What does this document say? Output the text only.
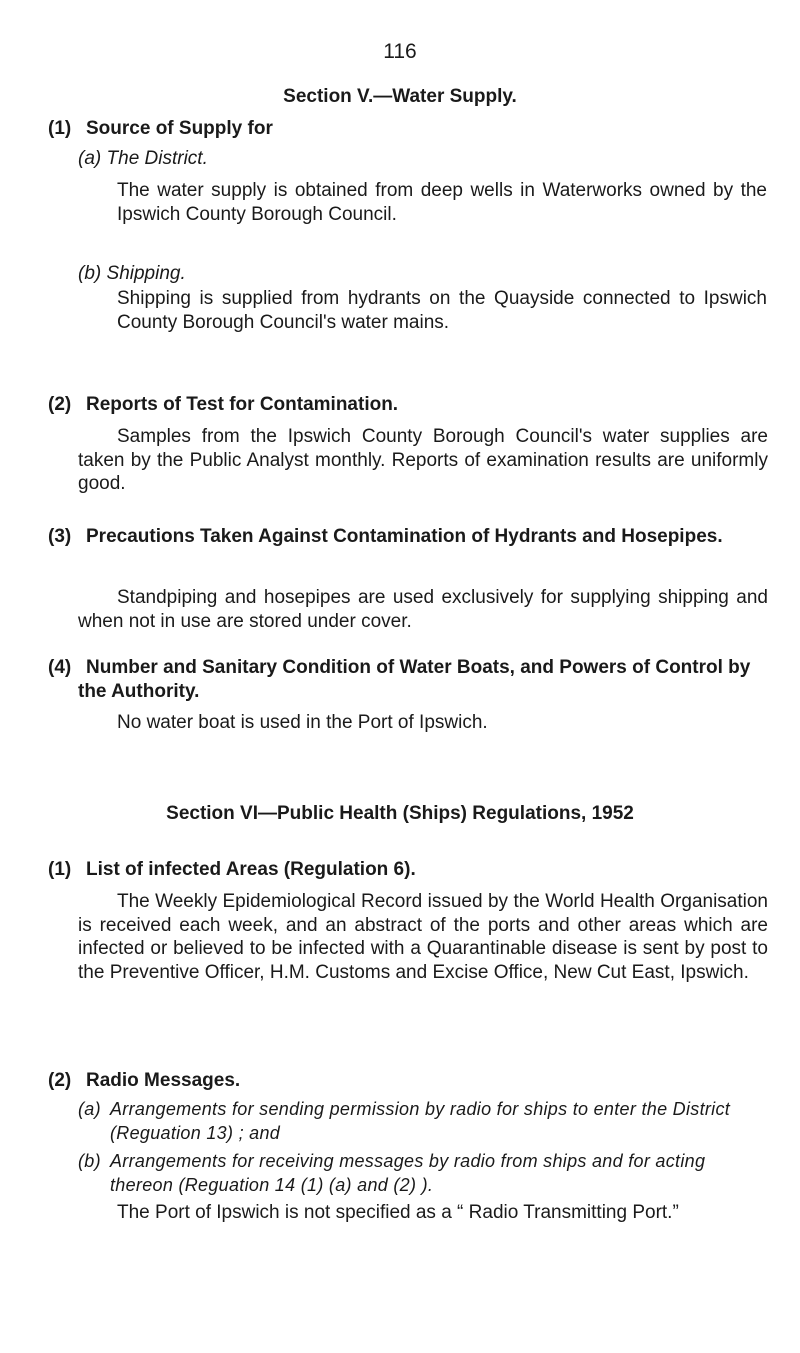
116
Section V.—Water Supply.
(1) Source of Supply for
(a) The District.
The water supply is obtained from deep wells in Waterworks owned by the Ipswich County Borough Council.
(b) Shipping.
Shipping is supplied from hydrants on the Quayside connected to Ipswich County Borough Council's water mains.
(2) Reports of Test for Contamination.
Samples from the Ipswich County Borough Council's water supplies are taken by the Public Analyst monthly. Reports of examination results are uniformly good.
(3) Precautions Taken Against Contamination of Hydrants and Hosepipes.
Standpiping and hosepipes are used exclusively for supplying shipping and when not in use are stored under cover.
(4) Number and Sanitary Condition of Water Boats, and Powers of Control by the Authority.
No water boat is used in the Port of Ipswich.
Section VI—Public Health (Ships) Regulations, 1952
(1) List of infected Areas (Regulation 6).
The Weekly Epidemiological Record issued by the World Health Organisation is received each week, and an abstract of the ports and other areas which are infected or believed to be infected with a Quarantinable disease is sent by post to the Preventive Officer, H.M. Customs and Excise Office, New Cut East, Ipswich.
(2) Radio Messages.
(a) Arrangements for sending permission by radio for ships to enter the District (Reguation 13) ; and
(b) Arrangements for receiving messages by radio from ships and for acting thereon (Reguation 14 (1) (a) and (2) ).
The Port of Ipswich is not specified as a “ Radio Transmitting Port.”
